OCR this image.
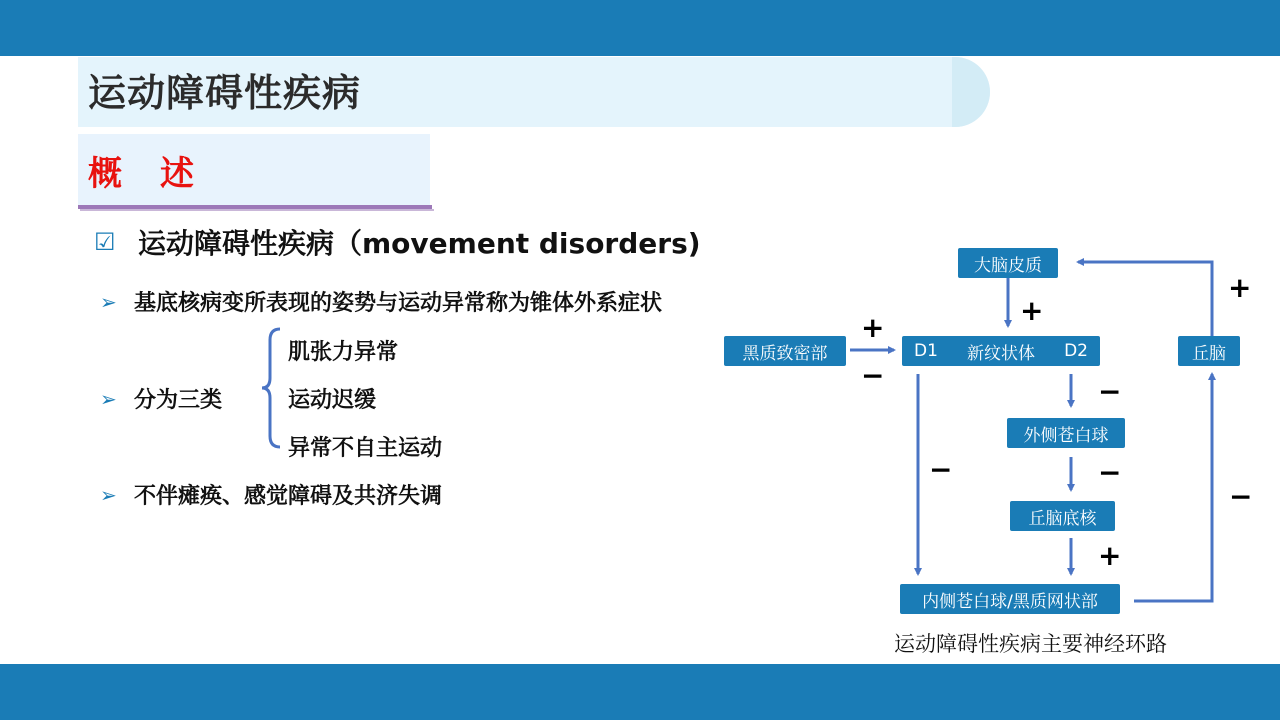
运动障碍性疾病
概　述
☑ 运动障碍性疾病（movement disorders)
➢ 基底核病变所表现的姿势与运动异常称为锥体外系症状
➢ 分为三类
➢ 不伴瘫痪、感觉障碍及共济失调
肌张力异常
运动迟缓
异常不自主运动
大脑皮质
黑质致密部	D1 新纹状体 D2	丘脑
外侧苍白球
丘脑底核
内侧苍白球/黑质网状部
+
+
−	−
−
−
+
+
−
运动障碍性疾病主要神经环路
